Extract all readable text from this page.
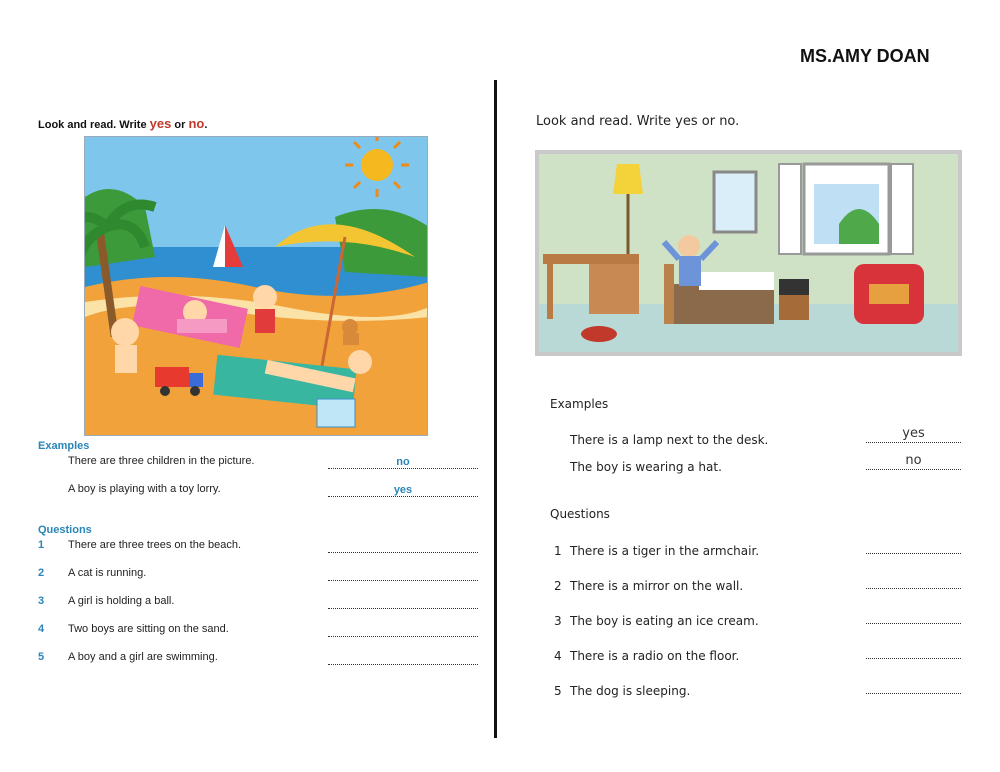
MS.AMY DOAN
Look and read. Write yes or no.
Examples
There are three children in the picture.	no
A boy is playing with a toy lorry.	yes
Questions
1	There are three trees on the beach.
2	A cat is running.
3	A girl is holding a ball.
4	Two boys are sitting on the sand.
5	A boy and a girl are swimming.
Look and read. Write yes or no.
Examples
There is a lamp next to the desk.	yes
The boy is wearing a hat.	no
Questions
1 There is a tiger in the armchair.
2 There is a mirror on the wall.
3 The boy is eating an ice cream.
4 There is a radio on the floor.
5 The dog is sleeping.
